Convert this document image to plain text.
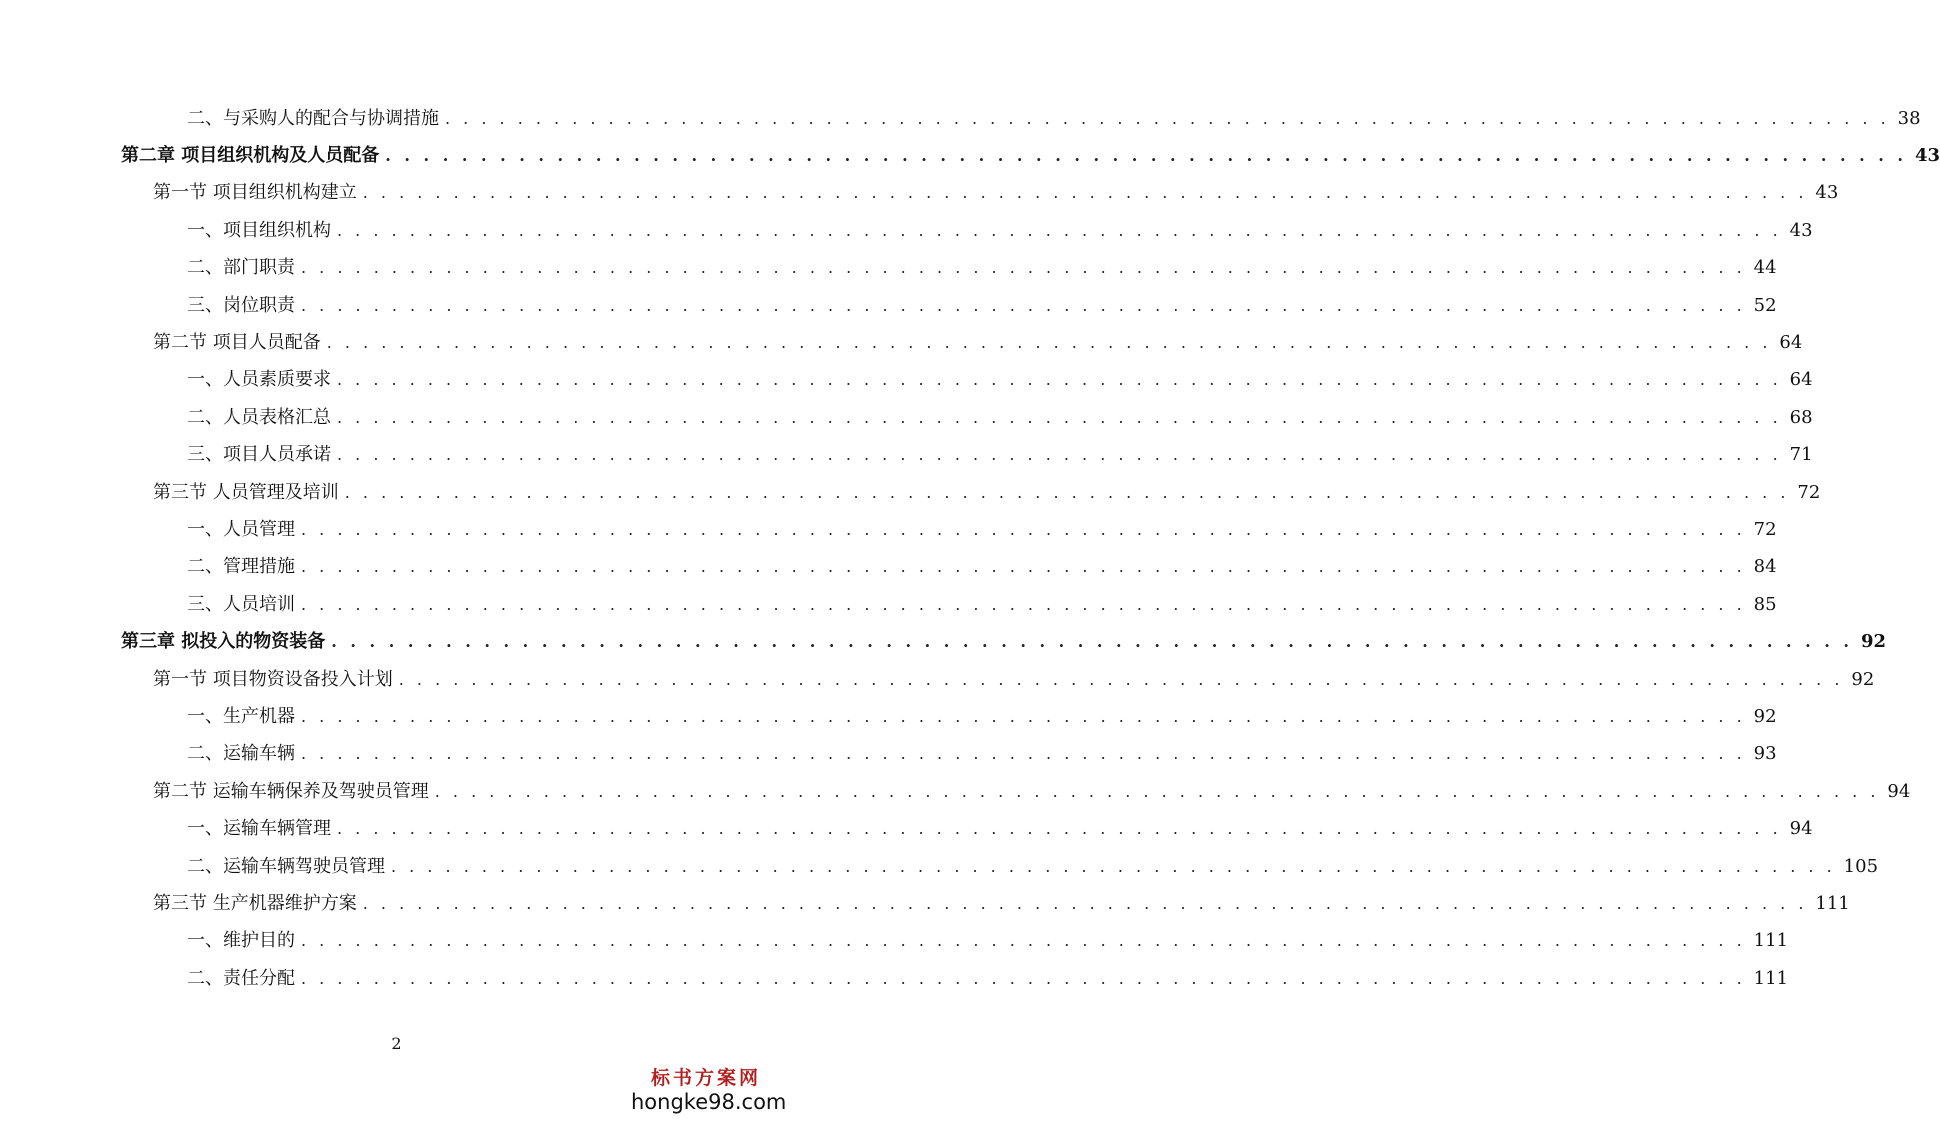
二、与采购人的配合与协调措施 . . . . . . . . . . . . . . . . . . . . . . . . . . . . . . . . . . . . . . . . . . . . . . . . . . . . . . . . . . . . . . . . . . . . . . . . . . . . . . . . 38
第二章 项目组织机构及人员配备 . . . . . . . . . . . . . . . . . . . . . . . . . . . . . . . . . . . . . . . . . . . . . . . . . . . . . . . . . . . . . . . . . . . . . . . . . . . . . . . . 43
第一节 项目组织机构建立 . . . . . . . . . . . . . . . . . . . . . . . . . . . . . . . . . . . . . . . . . . . . . . . . . . . . . . . . . . . . . . . . . . . . . . . . . . . . . . . . 43
一、项目组织机构 . . . . . . . . . . . . . . . . . . . . . . . . . . . . . . . . . . . . . . . . . . . . . . . . . . . . . . . . . . . . . . . . . . . . . . . . . . . . . . . . 43
二、部门职责 . . . . . . . . . . . . . . . . . . . . . . . . . . . . . . . . . . . . . . . . . . . . . . . . . . . . . . . . . . . . . . . . . . . . . . . . . . . . . . . . 44
三、岗位职责 . . . . . . . . . . . . . . . . . . . . . . . . . . . . . . . . . . . . . . . . . . . . . . . . . . . . . . . . . . . . . . . . . . . . . . . . . . . . . . . . 52
第二节 项目人员配备 . . . . . . . . . . . . . . . . . . . . . . . . . . . . . . . . . . . . . . . . . . . . . . . . . . . . . . . . . . . . . . . . . . . . . . . . . . . . . . . . 64
一、人员素质要求 . . . . . . . . . . . . . . . . . . . . . . . . . . . . . . . . . . . . . . . . . . . . . . . . . . . . . . . . . . . . . . . . . . . . . . . . . . . . . . . . 64
二、人员表格汇总 . . . . . . . . . . . . . . . . . . . . . . . . . . . . . . . . . . . . . . . . . . . . . . . . . . . . . . . . . . . . . . . . . . . . . . . . . . . . . . . . 68
三、项目人员承诺 . . . . . . . . . . . . . . . . . . . . . . . . . . . . . . . . . . . . . . . . . . . . . . . . . . . . . . . . . . . . . . . . . . . . . . . . . . . . . . . . 71
第三节 人员管理及培训 . . . . . . . . . . . . . . . . . . . . . . . . . . . . . . . . . . . . . . . . . . . . . . . . . . . . . . . . . . . . . . . . . . . . . . . . . . . . . . . . 72
一、人员管理 . . . . . . . . . . . . . . . . . . . . . . . . . . . . . . . . . . . . . . . . . . . . . . . . . . . . . . . . . . . . . . . . . . . . . . . . . . . . . . . . 72
二、管理措施 . . . . . . . . . . . . . . . . . . . . . . . . . . . . . . . . . . . . . . . . . . . . . . . . . . . . . . . . . . . . . . . . . . . . . . . . . . . . . . . . 84
三、人员培训 . . . . . . . . . . . . . . . . . . . . . . . . . . . . . . . . . . . . . . . . . . . . . . . . . . . . . . . . . . . . . . . . . . . . . . . . . . . . . . . . 85
第三章 拟投入的物资装备 . . . . . . . . . . . . . . . . . . . . . . . . . . . . . . . . . . . . . . . . . . . . . . . . . . . . . . . . . . . . . . . . . . . . . . . . . . . . . . . . 92
第一节 项目物资设备投入计划 . . . . . . . . . . . . . . . . . . . . . . . . . . . . . . . . . . . . . . . . . . . . . . . . . . . . . . . . . . . . . . . . . . . . . . . . . . . . . . . . 92
一、生产机器 . . . . . . . . . . . . . . . . . . . . . . . . . . . . . . . . . . . . . . . . . . . . . . . . . . . . . . . . . . . . . . . . . . . . . . . . . . . . . . . . 92
二、运输车辆 . . . . . . . . . . . . . . . . . . . . . . . . . . . . . . . . . . . . . . . . . . . . . . . . . . . . . . . . . . . . . . . . . . . . . . . . . . . . . . . . 93
第二节 运输车辆保养及驾驶员管理 . . . . . . . . . . . . . . . . . . . . . . . . . . . . . . . . . . . . . . . . . . . . . . . . . . . . . . . . . . . . . . . . . . . . . . . . . . . . . . . . 94
一、运输车辆管理 . . . . . . . . . . . . . . . . . . . . . . . . . . . . . . . . . . . . . . . . . . . . . . . . . . . . . . . . . . . . . . . . . . . . . . . . . . . . . . . . 94
二、运输车辆驾驶员管理 . . . . . . . . . . . . . . . . . . . . . . . . . . . . . . . . . . . . . . . . . . . . . . . . . . . . . . . . . . . . . . . . . . . . . . . . . . . . . . . . 105
第三节 生产机器维护方案 . . . . . . . . . . . . . . . . . . . . . . . . . . . . . . . . . . . . . . . . . . . . . . . . . . . . . . . . . . . . . . . . . . . . . . . . . . . . . . . . 111
一、维护目的 . . . . . . . . . . . . . . . . . . . . . . . . . . . . . . . . . . . . . . . . . . . . . . . . . . . . . . . . . . . . . . . . . . . . . . . . . . . . . . . . 111
二、责任分配 . . . . . . . . . . . . . . . . . . . . . . . . . . . . . . . . . . . . . . . . . . . . . . . . . . . . . . . . . . . . . . . . . . . . . . . . . . . . . . . . 111
2
标书方案网
hongke98.com
